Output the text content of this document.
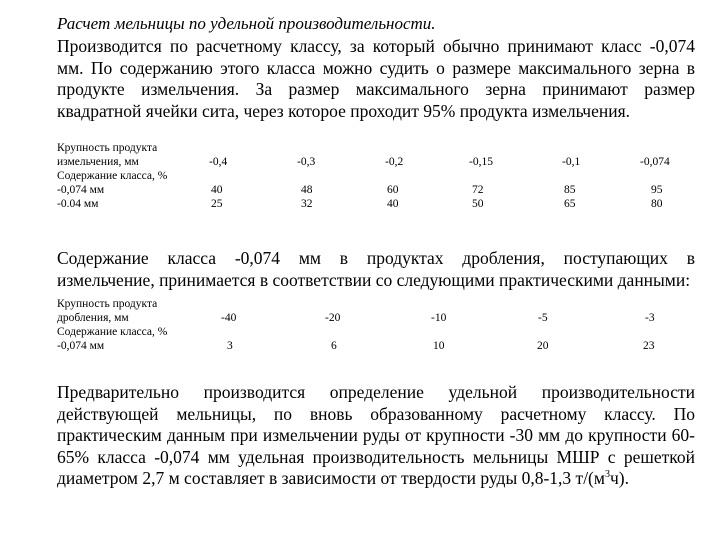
Расчет мельницы по удельной производительности.
Производится по расчетному классу, за который обычно принимают класс -0,074
мм. По содержанию этого класса можно судить о размере максимального зерна в
продукте измельчения. За размер максимального зерна принимают размер
квадратной ячейки сита, через которое проходит 95% продукта измельчения.
Крупность продукта
измельчения, мм	-0,4	-0,3	-0,2	-0,15	-0,1	-0,074
Содержание класса, %
-0,074 мм	40	48	60	72	85	95
-0.04 мм	25	32	40	50	65	80
Содержание класса -0,074 мм в продуктах дробления, поступающих в
измельчение, принимается в соответствии со следующими практическими данными:
Крупность продукта
дробления, мм	-40	-20	-10	-5	-3
Содержание класса, %
-0,074 мм	3	6	10	20	23
Предварительно производится определение удельной производительности
действующей мельницы, по вновь образованному расчетному классу. По
практическим данным при измельчении руды от крупности -30 мм до крупности 60-
65% класса -0,074 мм удельная производительность мельницы МШР с решеткой
диаметром 2,7 м составляет в зависимости от твердости руды 0,8-1,3 $т/(м^3ч)$.
